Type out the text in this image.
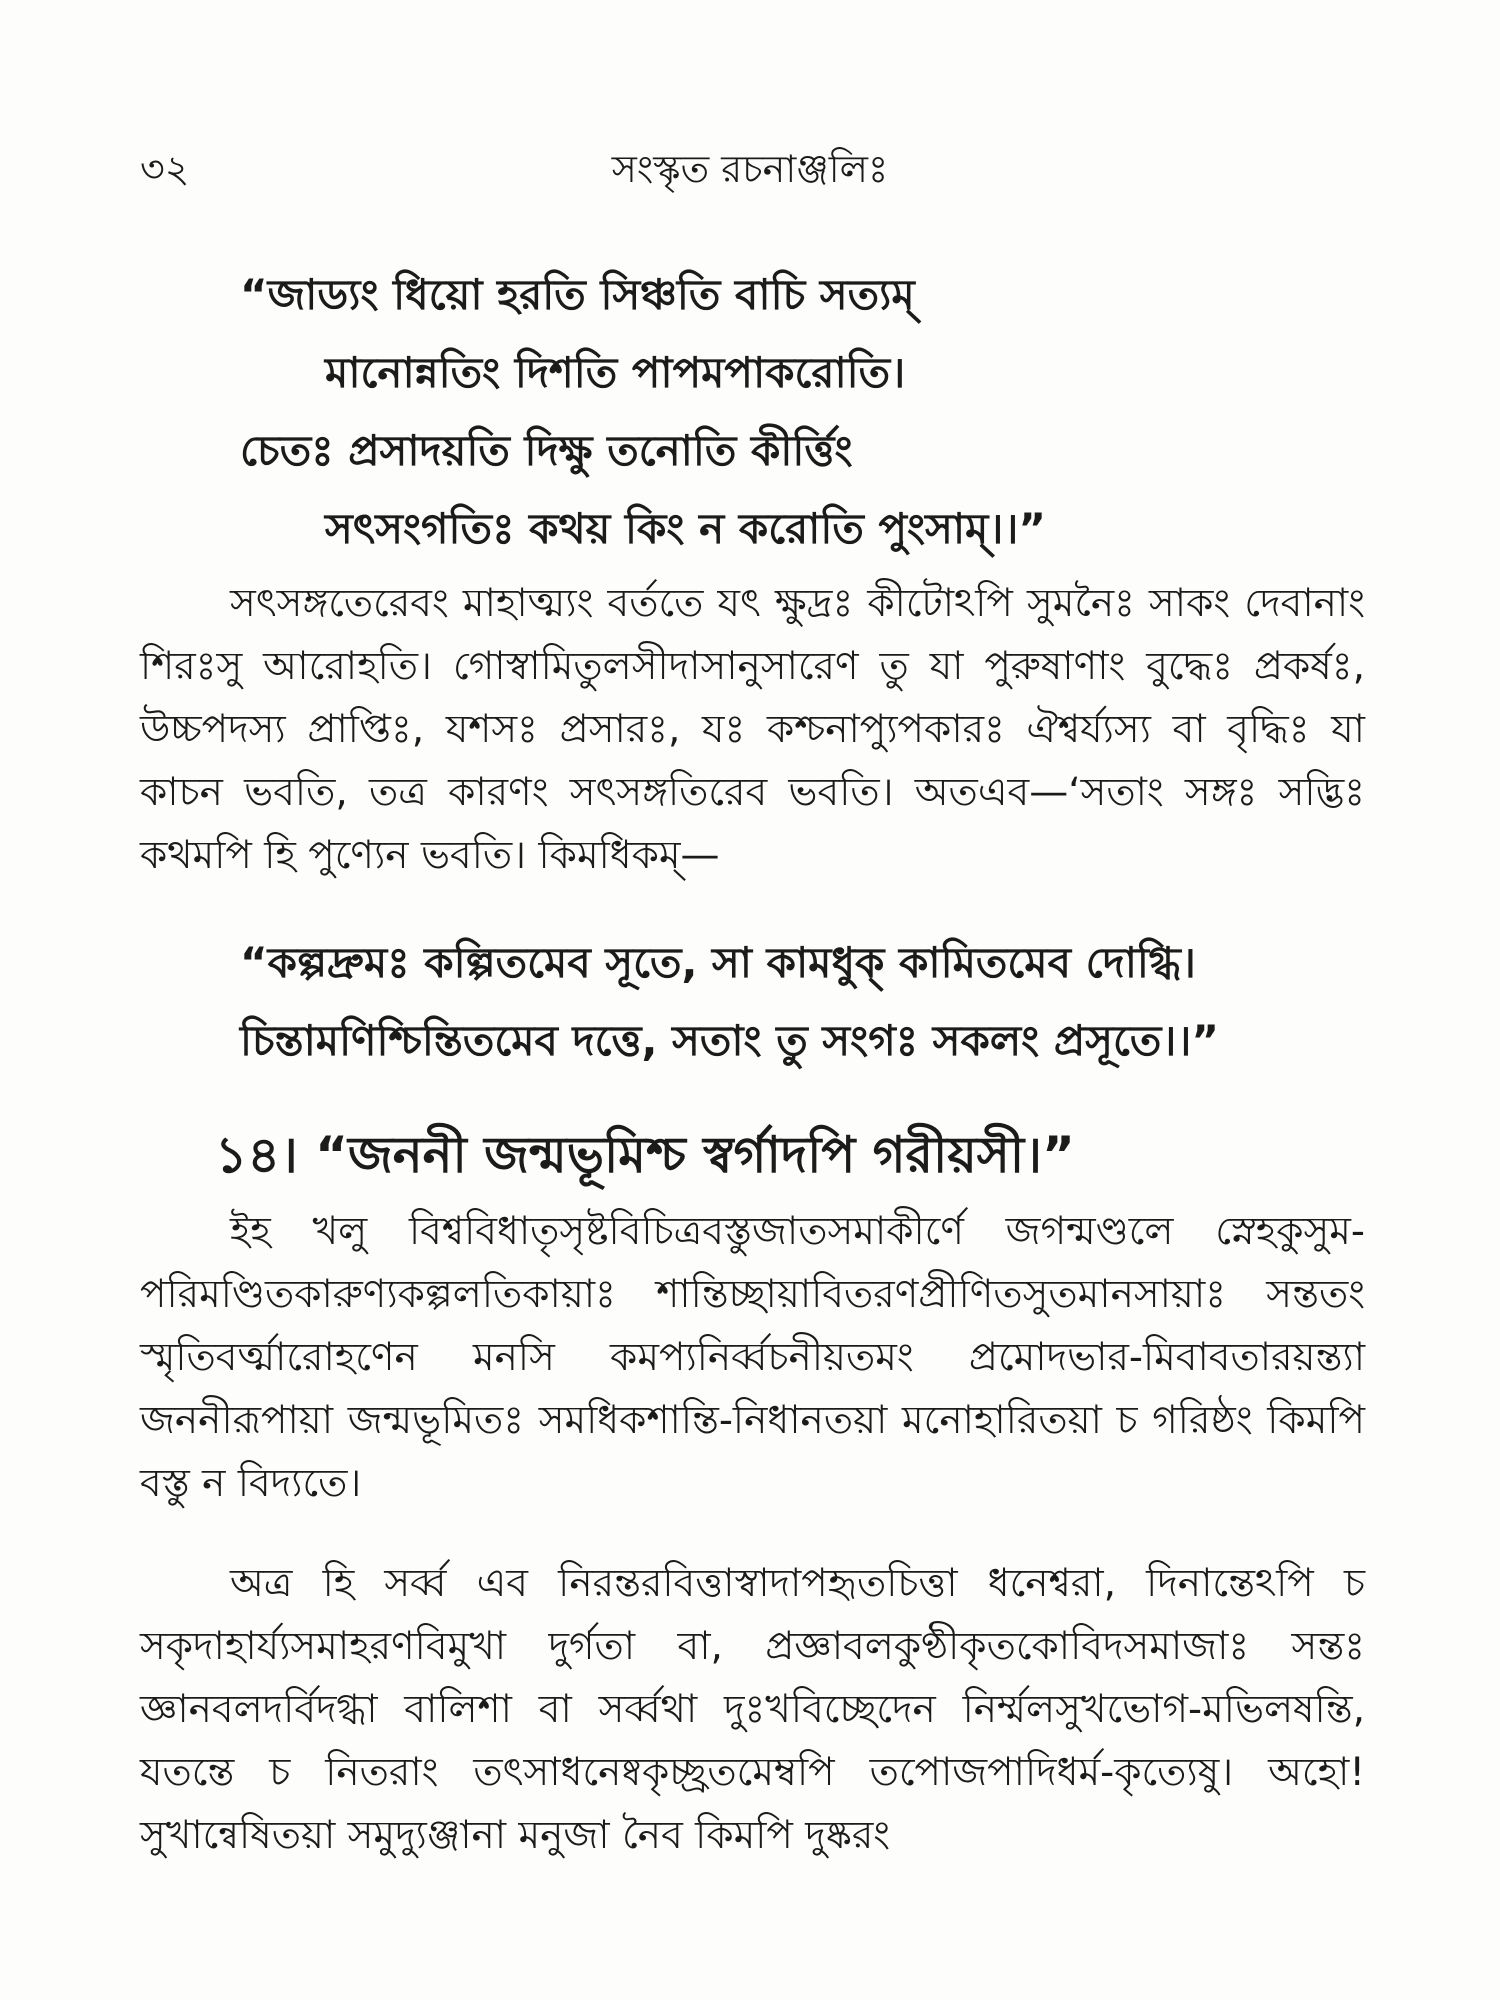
৩২	সংস্কৃত রচনাঞ্জলিঃ
“জাড্যং ধিয়ো হরতি সিঞ্চতি বাচি সত্যম্
মানোন্নতিং দিশতি পাপমপাকরোতি।
চেতঃ প্রসাদয়তি দিক্ষু তনোতি কীর্ত্তিং
সৎসংগতিঃ কথয় কিং ন করোতি পুংসাম্।।”
সৎসঙ্গতেরেবং মাহাত্ম্যং বর্ততে যৎ ক্ষুদ্রঃ কীটোঽপি সুমনৈঃ সাকং দেবানাং শিরঃসু আরোহতি। গোস্বামিতুলসীদাসানুসারেণ তু যা পুরুষাণাং বুদ্ধেঃ প্রকর্ষঃ, উচ্চপদস্য প্রাপ্তিঃ, যশসঃ প্রসারঃ, যঃ কশ্চনাপ্যুপকারঃ ঐশ্বর্য্যস্য বা বৃদ্ধিঃ যা কাচন ভবতি, তত্র কারণং সৎসঙ্গতিরেব ভবতি। অতএব—‘সতাং সঙ্গঃ সদ্ভিঃ কথমপি হি পুণ্যেন ভবতি। কিমধিকম্—
“কল্পদ্রুমঃ কল্পিতমেব সূতে, সা কামধুক্ কামিতমেব দোগ্ধি।
চিন্তামণিশ্চিন্তিতমেব দত্তে, সতাং তু সংগঃ সকলং প্রসূতে।।”
১৪। “জননী জন্মভূমিশ্চ স্বর্গাদপি গরীয়সী।”
ইহ খলু বিশ্ববিধাতৃসৃষ্টবিচিত্রবস্তুজাতসমাকীর্ণে জগন্মণ্ডলে স্নেহকুসুম-পরিমণ্ডিতকারুণ্যকল্পলতিকায়াঃ শান্তিচ্ছায়াবিতরণপ্রীণিতসুতমানসায়াঃ সন্ততং স্মৃতিবর্ত্মারোহণেন মনসি কমপ্যনির্ব্বচনীয়তমং প্রমোদভার-মিবাবতারয়ন্ত্যা জননীরূপায়া জন্মভূমিতঃ সমধিকশান্তি-নিধানতয়া মনোহারিতয়া চ গরিষ্ঠং কিমপি বস্তু ন বিদ্যতে।
অত্র হি সর্ব্ব এব নিরন্তরবিত্তাস্বাদাপহৃতচিত্তা ধনেশ্বরা, দিনান্তেঽপি চ সকৃদাহার্য্যসমাহরণবিমুখা দুর্গতা বা, প্রজ্ঞাবলকুণ্ঠীকৃতকোবিদসমাজাঃ সন্তঃ জ্ঞানবলদর্বিদগ্ধা বালিশা বা সর্ব্বথা দুঃখবিচ্ছেদেন নির্ম্মলসুখভোগ-মভিলষন্তি, যতন্তে চ নিতরাং তৎসাধনেষ্বকৃচ্ছ্রতমেম্বপি তপোজপাদিধর্ম-কৃত্যেষু। অহো! সুখান্বেষিতয়া সমুদ্যুঞ্জানা মনুজা নৈব কিমপি দুষ্করং
